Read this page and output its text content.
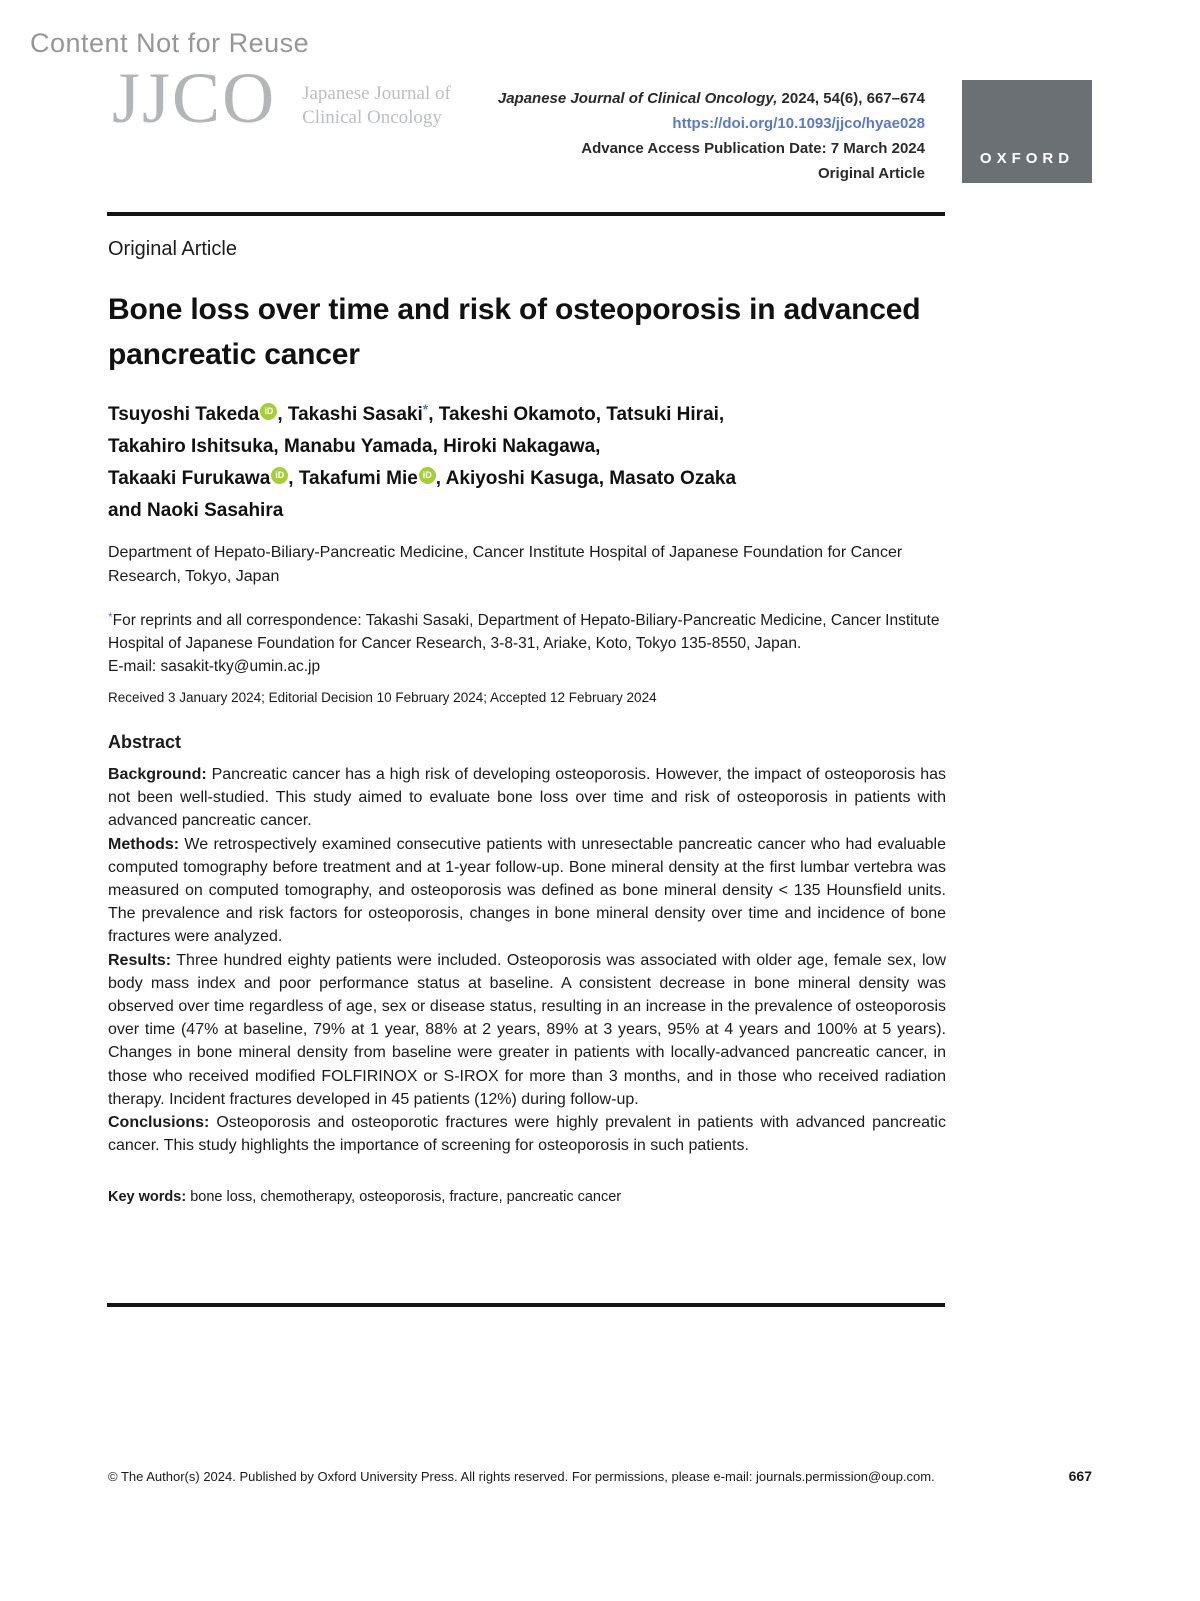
Content Not for Reuse
JJCO Japanese Journal of
Clinical Oncology
Japanese Journal of Clinical Oncology, 2024, 54(6), 667–674
https://doi.org/10.1093/jjco/hyae028
Advance Access Publication Date: 7 March 2024
Original Article
OXFORD
Original Article
Bone loss over time and risk of osteoporosis in advanced pancreatic cancer
Tsuyoshi Takeda iD , Takashi Sasaki*, Takeshi Okamoto, Tatsuki Hirai,
Takahiro Ishitsuka, Manabu Yamada, Hiroki Nakagawa,
Takaaki Furukawa iD , Takafumi Mie iD , Akiyoshi Kasuga, Masato Ozaka
and Naoki Sasahira
Department of Hepato-Biliary-Pancreatic Medicine, Cancer Institute Hospital of Japanese Foundation for Cancer Research, Tokyo, Japan
*For reprints and all correspondence: Takashi Sasaki, Department of Hepato-Biliary-Pancreatic Medicine, Cancer Institute Hospital of Japanese Foundation for Cancer Research, 3-8-31, Ariake, Koto, Tokyo 135-8550, Japan.
E-mail: sasakit-tky@umin.ac.jp
Received 3 January 2024; Editorial Decision 10 February 2024; Accepted 12 February 2024
Abstract

Background: Pancreatic cancer has a high risk of developing osteoporosis. However, the impact of osteoporosis has not been well-studied. This study aimed to evaluate bone loss over time and risk of osteoporosis in patients with advanced pancreatic cancer.

Methods: We retrospectively examined consecutive patients with unresectable pancreatic cancer who had evaluable computed tomography before treatment and at 1-year follow-up. Bone mineral density at the first lumbar vertebra was measured on computed tomography, and osteoporosis was defined as bone mineral density < 135 Hounsfield units. The prevalence and risk factors for osteoporosis, changes in bone mineral density over time and incidence of bone fractures were analyzed.

Results: Three hundred eighty patients were included. Osteoporosis was associated with older age, female sex, low body mass index and poor performance status at baseline. A consistent decrease in bone mineral density was observed over time regardless of age, sex or disease status, resulting in an increase in the prevalence of osteoporosis over time (47% at baseline, 79% at 1 year, 88% at 2 years, 89% at 3 years, 95% at 4 years and 100% at 5 years). Changes in bone mineral density from baseline were greater in patients with locally-advanced pancreatic cancer, in those who received modified FOLFIRINOX or S-IROX for more than 3 months, and in those who received radiation therapy. Incident fractures developed in 45 patients (12%) during follow-up.

Conclusions: Osteoporosis and osteoporotic fractures were highly prevalent in patients with advanced pancreatic cancer. This study highlights the importance of screening for osteoporosis in such patients.

Key words: bone loss, chemotherapy, osteoporosis, fracture, pancreatic cancer
© The Author(s) 2024. Published by Oxford University Press. All rights reserved. For permissions, please e-mail: journals.permission@oup.com.	667
